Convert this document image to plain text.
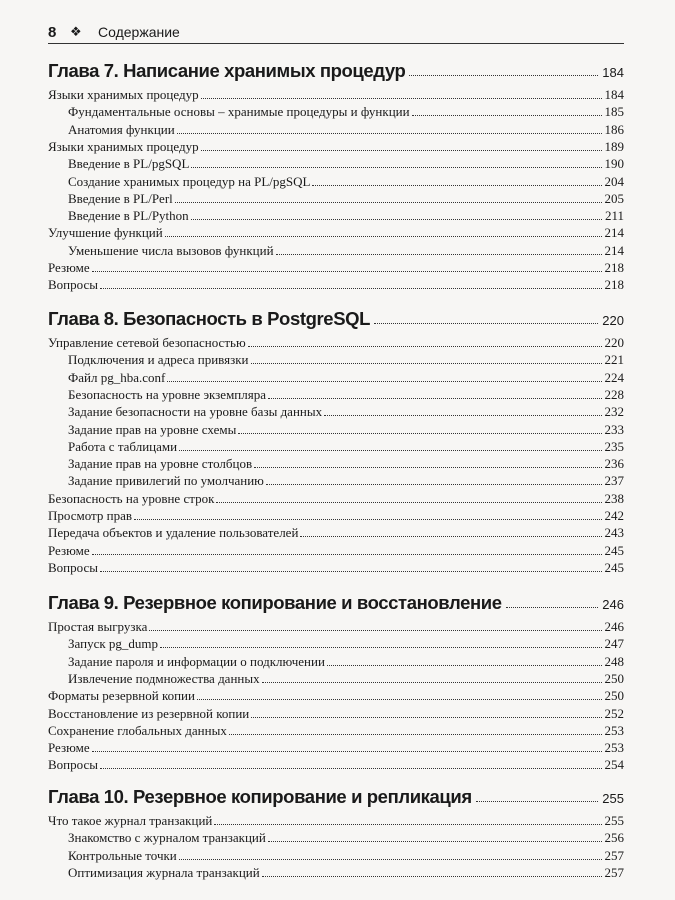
8	❖	Содержание
Глава 7. Написание хранимых процедур	184
Языки хранимых процедур	184
Фундаментальные основы – хранимые процедуры и функции	185
Анатомия функции	186
Языки хранимых процедур	189
Введение в PL/pgSQL	190
Создание хранимых процедур на PL/pgSQL	204
Введение в PL/Perl	205
Введение в PL/Python	211
Улучшение функций	214
Уменьшение числа вызовов функций	214
Резюме	218
Вопросы	218
Глава 8. Безопасность в PostgreSQL	220
Управление сетевой безопасностью	220
Подключения и адреса привязки	221
Файл pg_hba.conf	224
Безопасность на уровне экземпляра	228
Задание безопасности на уровне базы данных	232
Задание прав на уровне схемы	233
Работа с таблицами	235
Задание прав на уровне столбцов	236
Задание привилегий по умолчанию	237
Безопасность на уровне строк	238
Просмотр прав	242
Передача объектов и удаление пользователей	243
Резюме	245
Вопросы	245
Глава 9. Резервное копирование и восстановление	246
Простая выгрузка	246
Запуск pg_dump	247
Задание пароля и информации о подключении	248
Извлечение подмножества данных	250
Форматы резервной копии	250
Восстановление из резервной копии	252
Сохранение глобальных данных	253
Резюме	253
Вопросы	254
Глава 10. Резервное копирование и репликация	255
Что такое журнал транзакций	255
Знакомство с журналом транзакций	256
Контрольные точки	257
Оптимизация журнала транзакций	257
